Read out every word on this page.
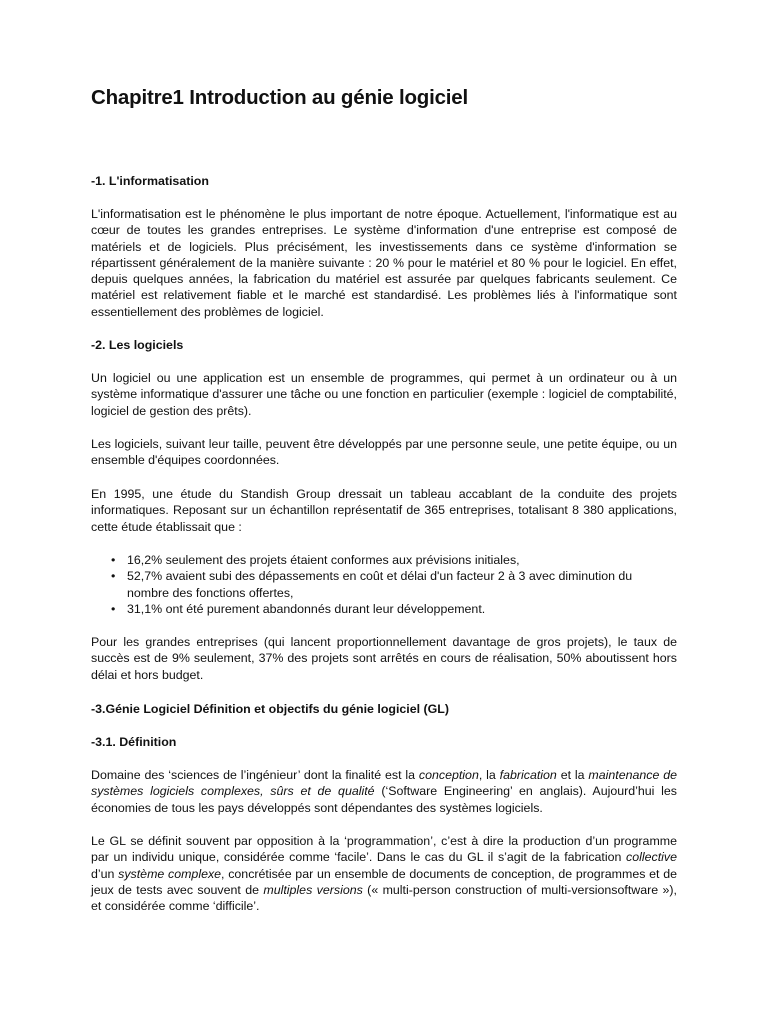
Chapitre1 Introduction au génie logiciel

-1. L'informatisation

L'informatisation est le phénomène le plus important de notre époque. Actuellement, l'informatique est au cœur de toutes les grandes entreprises. Le système d'information d'une entreprise est composé de matériels et de logiciels. Plus précisément, les investissements dans ce système d'information se répartissent généralement de la manière suivante : 20 % pour le matériel et 80 % pour le logiciel. En effet, depuis quelques années, la fabrication du matériel est assurée par quelques fabricants seulement. Ce matériel est relativement fiable et le marché est standardisé. Les problèmes liés à l'informatique sont essentiellement des problèmes de logiciel.

-2. Les logiciels

Un logiciel ou une application est un ensemble de programmes, qui permet à un ordinateur ou à un système informatique d'assurer une tâche ou une fonction en particulier (exemple : logiciel de comptabilité, logiciel de gestion des prêts).

Les logiciels, suivant leur taille, peuvent être développés par une personne seule, une petite équipe, ou un ensemble d'équipes coordonnées.

En 1995, une étude du Standish Group dressait un tableau accablant de la conduite des projets informatiques. Reposant sur un échantillon représentatif de 365 entreprises, totalisant 8 380 applications, cette étude établissait que :

• 16,2% seulement des projets étaient conformes aux prévisions initiales,
• 52,7% avaient subi des dépassements en coût et délai d'un facteur 2 à 3 avec diminution du nombre des fonctions offertes,
• 31,1% ont été purement abandonnés durant leur développement.

Pour les grandes entreprises (qui lancent proportionnellement davantage de gros projets), le taux de succès est de 9% seulement, 37% des projets sont arrêtés en cours de réalisation, 50% aboutissent hors délai et hors budget.

-3.Génie Logiciel Définition et objectifs du génie logiciel (GL)

-3.1. Définition

Domaine des ‘sciences de l’ingénieur’ dont la finalité est la conception, la fabrication et la maintenance de systèmes logiciels complexes, sûrs et de qualité (‘Software Engineering’ en anglais). Aujourd’hui les économies de tous les pays développés sont dépendantes des systèmes logiciels.

Le GL se définit souvent par opposition à la ‘programmation’, c’est à dire la production d’un programme par un individu unique, considérée comme ‘facile’. Dans le cas du GL il s’agit de la fabrication collective d’un système complexe, concrétisée par un ensemble de documents de conception, de programmes et de jeux de tests avec souvent de multiples versions (« multi-person construction of multi-versionsoftware »), et considérée comme ‘difficile’.
